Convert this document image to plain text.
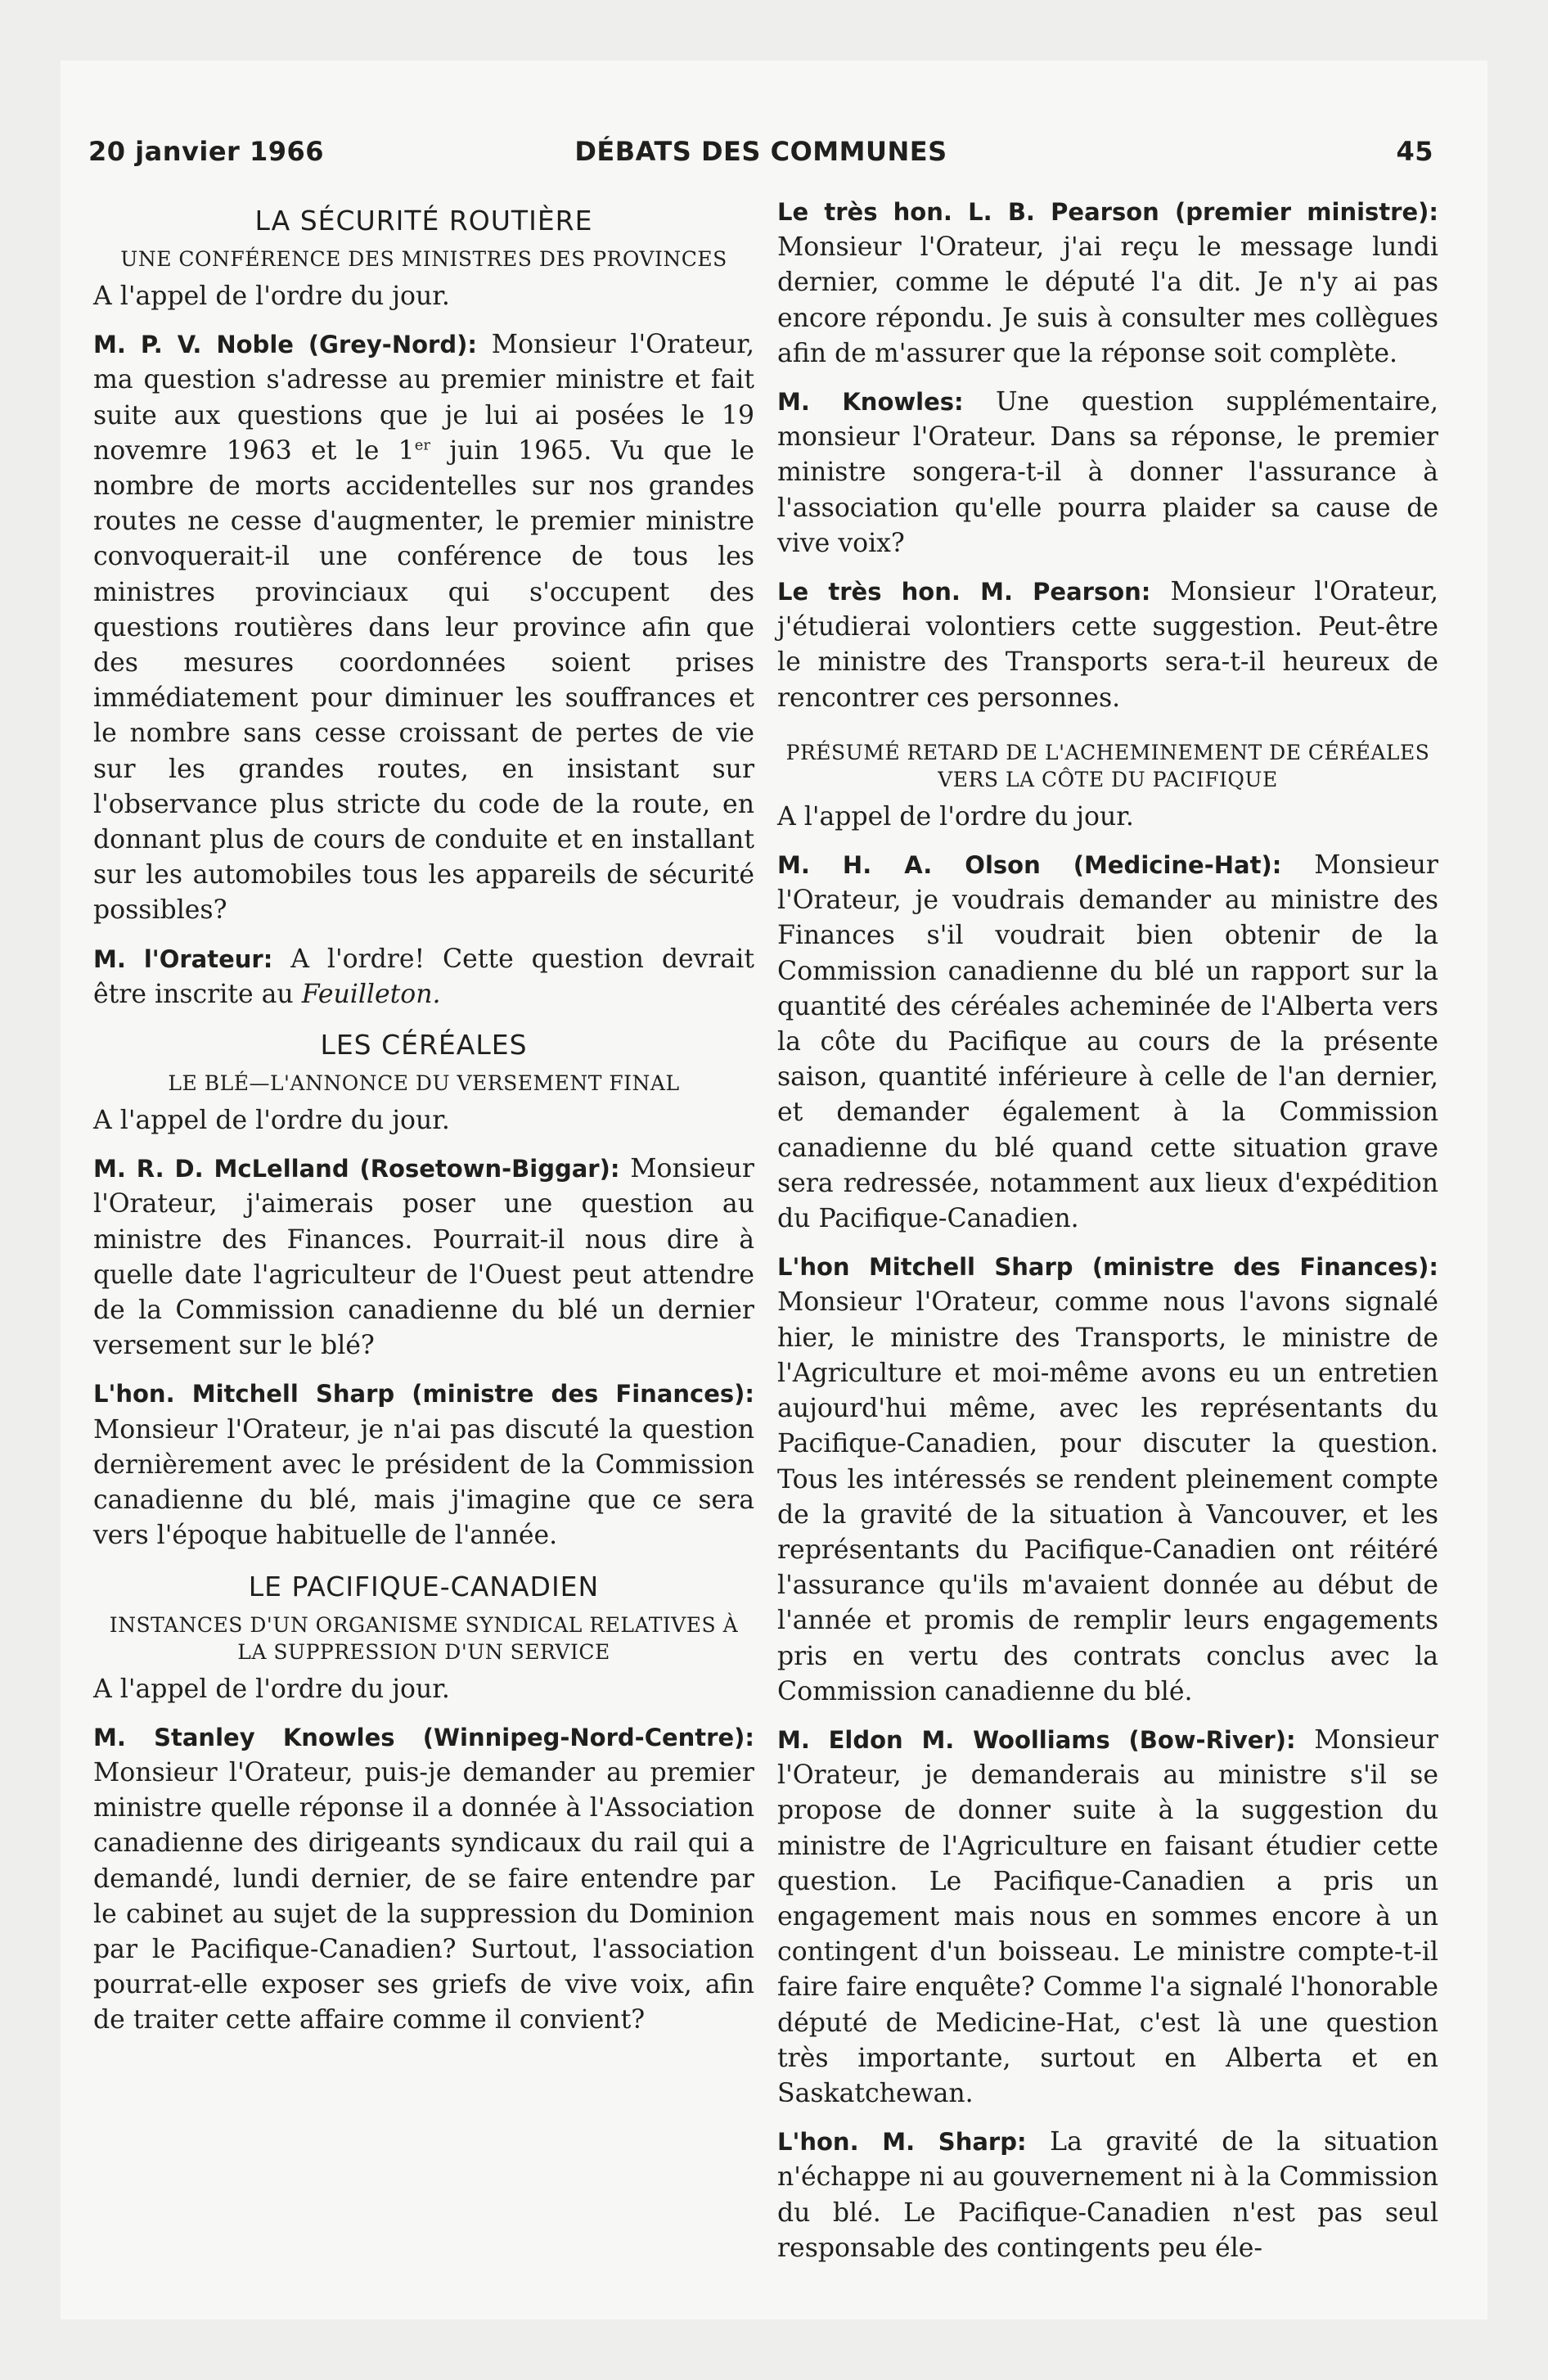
20 janvier 1966	DÉBATS DES COMMUNES	45
LA SÉCURITÉ ROUTIÈRE
UNE CONFÉRENCE DES MINISTRES DES PROVINCES

A l'appel de l'ordre du jour.

M. P. V. Noble (Grey-Nord): Monsieur l'Orateur, ma question s'adresse au premier ministre et fait suite aux questions que je lui ai posées le 19 novemre 1963 et le 1er juin 1965. Vu que le nombre de morts accidentelles sur nos grandes routes ne cesse d'augmenter, le premier ministre convoquerait-il une conférence de tous les ministres provinciaux qui s'occupent des questions routières dans leur province afin que des mesures coordonnées soient prises immédiatement pour diminuer les souffrances et le nombre sans cesse croissant de pertes de vie sur les grandes routes, en insistant sur l'observance plus stricte du code de la route, en donnant plus de cours de conduite et en installant sur les automobiles tous les appareils de sécurité possibles?

M. l'Orateur: A l'ordre! Cette question devrait être inscrite au Feuilleton.

LES CÉRÉALES
LE BLÉ—L'ANNONCE DU VERSEMENT FINAL

A l'appel de l'ordre du jour.

M. R. D. McLelland (Rosetown-Biggar): Monsieur l'Orateur, j'aimerais poser une question au ministre des Finances. Pourrait-il nous dire à quelle date l'agriculteur de l'Ouest peut attendre de la Commission canadienne du blé un dernier versement sur le blé?

L'hon. Mitchell Sharp (ministre des Finances): Monsieur l'Orateur, je n'ai pas discuté la question dernièrement avec le président de la Commission canadienne du blé, mais j'imagine que ce sera vers l'époque habituelle de l'année.

LE PACIFIQUE-CANADIEN
INSTANCES D'UN ORGANISME SYNDICAL RELATIVES À LA SUPPRESSION D'UN SERVICE

A l'appel de l'ordre du jour.

M. Stanley Knowles (Winnipeg-Nord-Centre): Monsieur l'Orateur, puis-je demander au premier ministre quelle réponse il a donnée à l'Association canadienne des dirigeants syndicaux du rail qui a demandé, lundi dernier, de se faire entendre par le cabinet au sujet de la suppression du Dominion par le Pacifique-Canadien? Surtout, l'association pourrat-elle exposer ses griefs de vive voix, afin de traiter cette affaire comme il convient?

Le très hon. L. B. Pearson (premier ministre): Monsieur l'Orateur, j'ai reçu le message lundi dernier, comme le député l'a dit. Je n'y ai pas encore répondu. Je suis à consulter mes collègues afin de m'assurer que la réponse soit complète.

M. Knowles: Une question supplémentaire, monsieur l'Orateur. Dans sa réponse, le premier ministre songera-t-il à donner l'assurance à l'association qu'elle pourra plaider sa cause de vive voix?

Le très hon. M. Pearson: Monsieur l'Orateur, j'étudierai volontiers cette suggestion. Peut-être le ministre des Transports sera-t-il heureux de rencontrer ces personnes.

PRÉSUMÉ RETARD DE L'ACHEMINEMENT DE CÉRÉALES VERS LA CÔTE DU PACIFIQUE

A l'appel de l'ordre du jour.

M. H. A. Olson (Medicine-Hat): Monsieur l'Orateur, je voudrais demander au ministre des Finances s'il voudrait bien obtenir de la Commission canadienne du blé un rapport sur la quantité des céréales acheminée de l'Alberta vers la côte du Pacifique au cours de la présente saison, quantité inférieure à celle de l'an dernier, et demander également à la Commission canadienne du blé quand cette situation grave sera redressée, notamment aux lieux d'expédition du Pacifique-Canadien.

L'hon Mitchell Sharp (ministre des Finances): Monsieur l'Orateur, comme nous l'avons signalé hier, le ministre des Transports, le ministre de l'Agriculture et moi-même avons eu un entretien aujourd'hui même, avec les représentants du Pacifique-Canadien, pour discuter la question. Tous les intéressés se rendent pleinement compte de la gravité de la situation à Vancouver, et les représentants du Pacifique-Canadien ont réitéré l'assurance qu'ils m'avaient donnée au début de l'année et promis de remplir leurs engagements pris en vertu des contrats conclus avec la Commission canadienne du blé.

M. Eldon M. Woolliams (Bow-River): Monsieur l'Orateur, je demanderais au ministre s'il se propose de donner suite à la suggestion du ministre de l'Agriculture en faisant étudier cette question. Le Pacifique-Canadien a pris un engagement mais nous en sommes encore à un contingent d'un boisseau. Le ministre compte-t-il faire faire enquête? Comme l'a signalé l'honorable député de Medicine-Hat, c'est là une question très importante, surtout en Alberta et en Saskatchewan.

L'hon. M. Sharp: La gravité de la situation n'échappe ni au gouvernement ni à la Commission du blé. Le Pacifique-Canadien n'est pas seul responsable des contingents peu éle-
